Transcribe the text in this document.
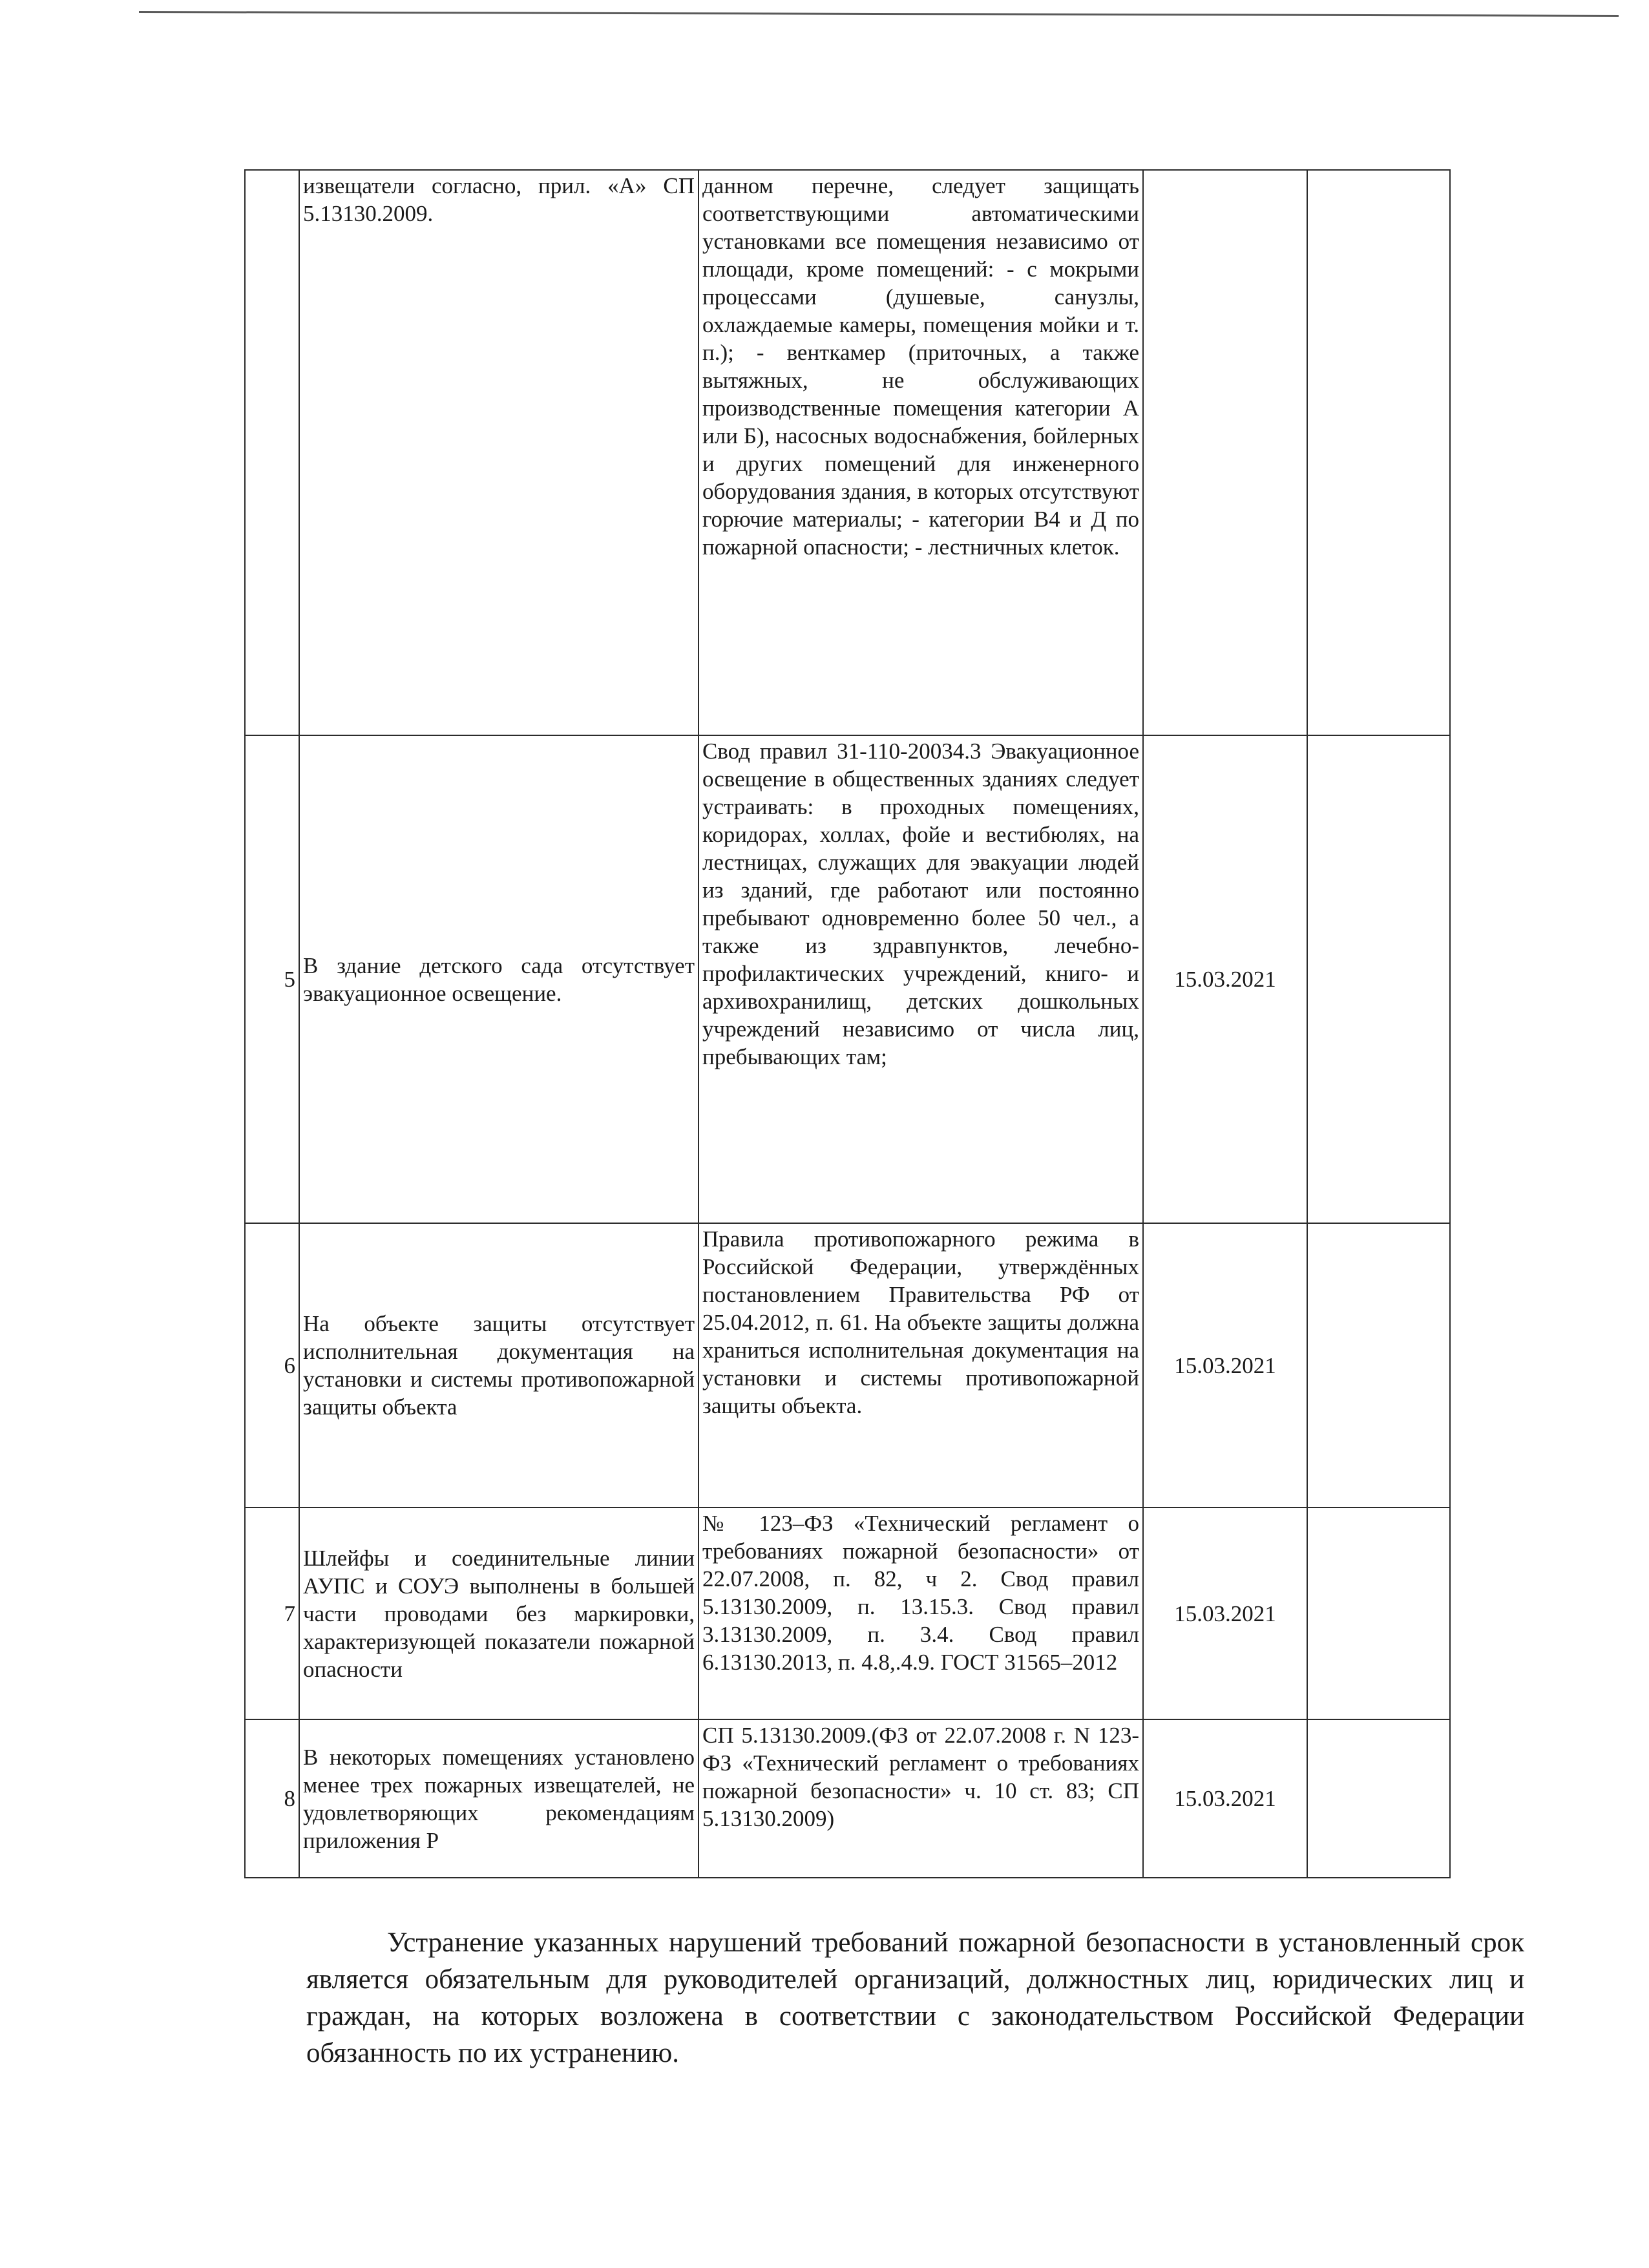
	извещатели согласно, прил. «А» СП 5.13130.2009.	данном перечне, следует защищать соответствующими автоматическими установками все помещения независимо от площади, кроме помещений: - с мокрыми процессами (душевые, санузлы, охлаждаемые камеры, помещения мойки и т. п.); - венткамер (приточных, а также вытяжных, не обслуживающих производственные помещения категории А или Б), насосных водоснабжения, бойлерных и других помещений для инженерного оборудования здания, в которых отсутствуют горючие материалы; - категории В4 и Д по пожарной опасности; - лестничных клеток.		
5	В здание детского сада отсутствует эвакуационное освещение.	Свод правил 31-110-20034.3 Эвакуационное освещение в общественных зданиях следует устраивать: в проходных помещениях, коридорах, холлах, фойе и вестибюлях, на лестницах, служащих для эвакуации людей из зданий, где работают или постоянно пребывают одновременно более 50 чел., а также из здравпунктов, лечебно-профилактических учреждений, книго- и архивохранилищ, детских дошкольных учреждений независимо от числа лиц, пребывающих там;	15.03.2021	
6	На объекте защиты отсутствует исполнительная документация на установки и системы противопожарной защиты объекта	Правила противопожарного режима в Российской Федерации, утверждённых постановлением Правительства РФ от 25.04.2012, п. 61. На объекте защиты должна храниться исполнительная документация на установки и системы противопожарной защиты объекта.	15.03.2021	
7	Шлейфы и соединительные линии АУПС и СОУЭ выполнены в большей части проводами без маркировки, характеризующей показатели пожарной опасности	№ 123–ФЗ «Технический регламент о требованиях пожарной безопасности» от 22.07.2008, п. 82, ч 2. Свод правил 5.13130.2009, п. 13.15.3. Свод правил 3.13130.2009, п. 3.4. Свод правил 6.13130.2013, п. 4.8,.4.9. ГОСТ 31565–2012	15.03.2021	
8	В некоторых помещениях установлено менее трех пожарных извещателей, не удовлетворяющих рекомендациям приложения Р	СП 5.13130.2009.(ФЗ от 22.07.2008 г. N 123-ФЗ «Технический регламент о требованиях пожарной безопасности» ч. 10 ст. 83; СП 5.13130.2009)	15.03.2021	
Устранение указанных нарушений требований пожарной безопасности в установленный срок является обязательным для руководителей организаций, должностных лиц, юридических лиц и граждан, на которых возложена в соответствии с законодательством Российской Федерации обязанность по их устранению.
